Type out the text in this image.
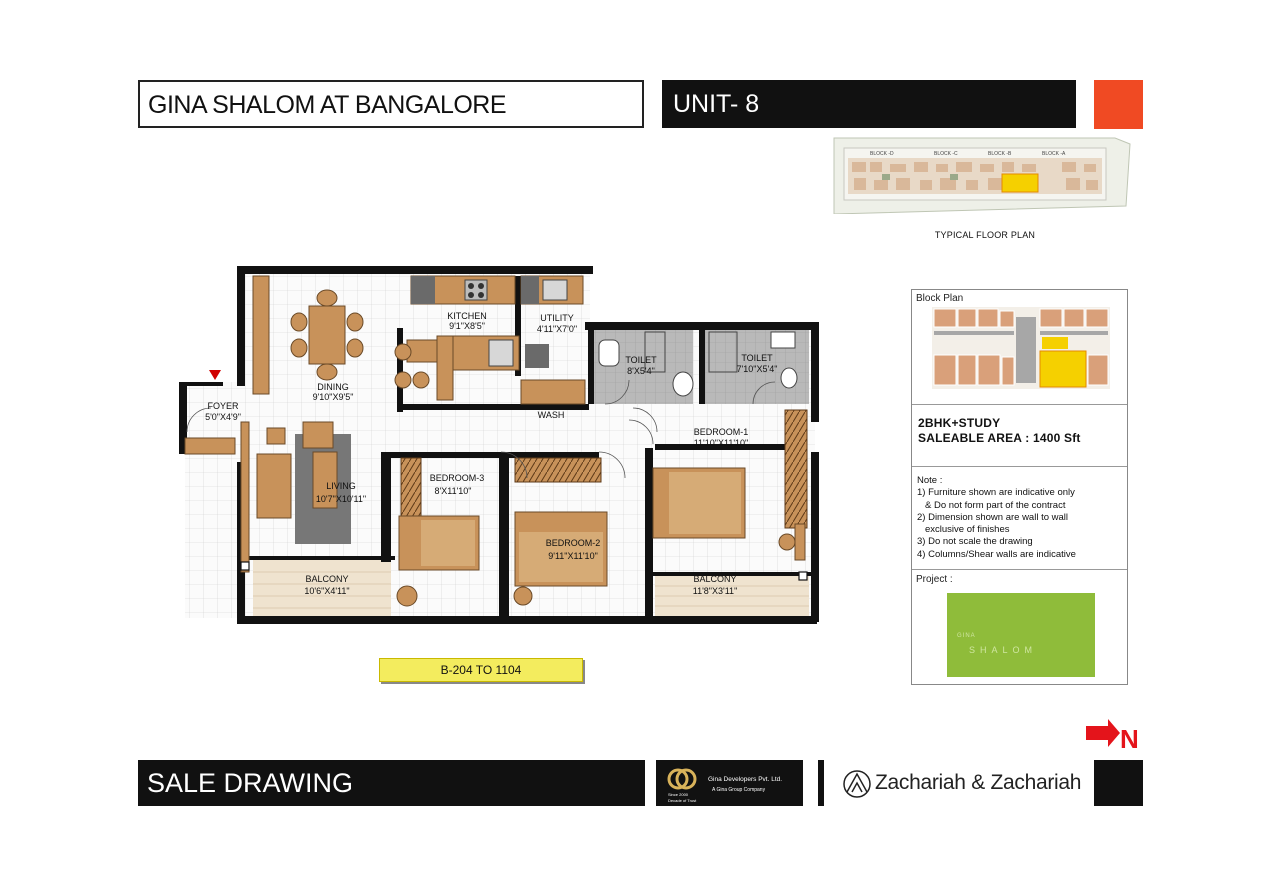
GINA SHALOM AT BANGALORE	UNIT- 8
BLOCK -D	BLOCK -C	BLOCK -B	BLOCK -A
TYPICAL FLOOR PLAN
KITCHEN
9'1"X8'5"
UTILITY
4'11"X7'0"
DINING
9'10"X9'5"
TOILET
8'X5'4"
TOILET
7'10"X5'4"
FOYER
5'0"X4'9"	WASH
BEDROOM-1
11'10"X11'10"
BEDROOM-3
8'X11'10"
LIVING
10'7"X10'11"
BEDROOM-2
9'11"X11'10"
BALCONY
10'6"X4'11"
BALCONY
11'8"X3'11"
B-204 TO 1104
Block Plan
2BHK+STUDY
SALEABLE AREA : 1400 Sft
Note :
1) Furniture shown are indicative only
& Do not form part of the contract
2) Dimension shown are wall to wall
exclusive of finishes
3) Do not scale the drawing
4) Columns/Shear walls are indicative
Project :
GINA
SHALOM
N
SALE DRAWING	Since 2000
Decade of Trust
Gina Developers Pvt. Ltd.
A Gina Group Company	Zachariah & Zachariah
